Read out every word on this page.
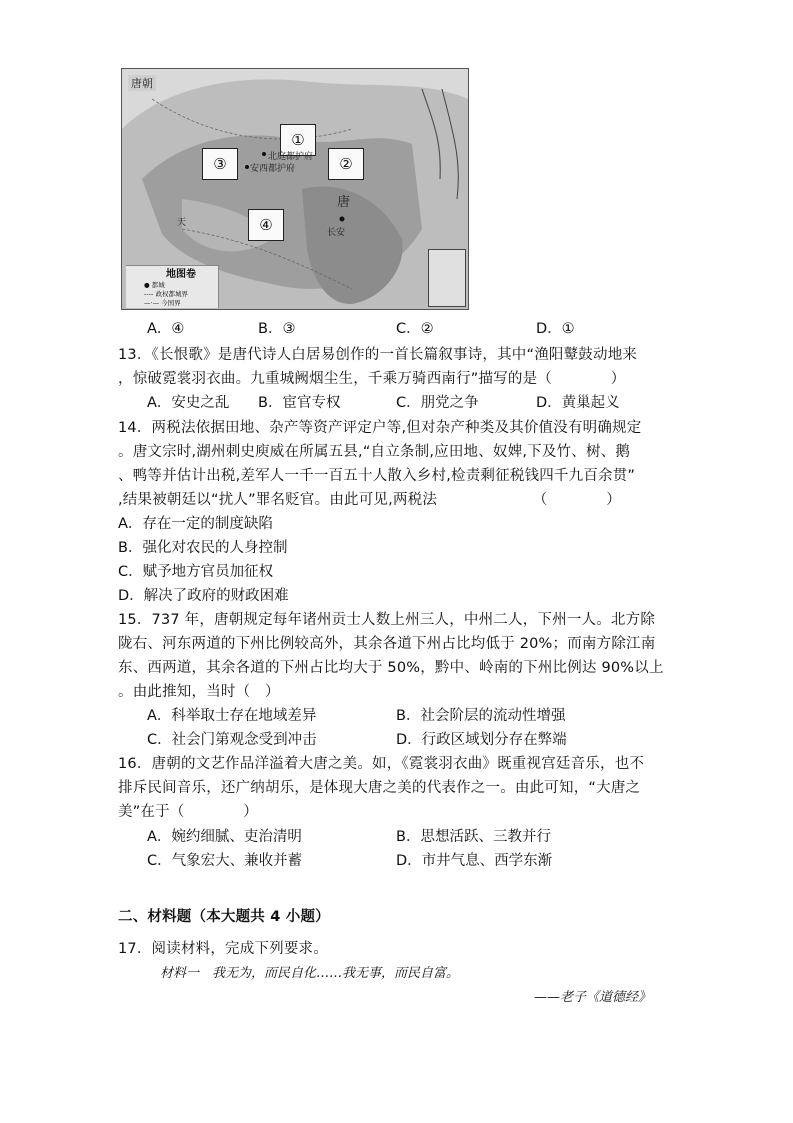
唐朝
①
②
③
④
唐
长安
北庭都护府
安西都护府
天
地图卷
● 都城
---- 政权都城界
—·— 今国界
A．④	B．③	C．②	D．①
13．《长恨歌》是唐代诗人白居易创作的一首长篇叙事诗，其中“渔阳鼙鼓动地来
，惊破霓裳羽衣曲。九重城阙烟尘生，千乘万骑西南行”描写的是（　　　　）
A．安史之乱 B．宦官专权	C．朋党之争	D．黄巢起义
14．两税法依据田地、杂产等资产评定户等,但对杂产种类及其价值没有明确规定
。唐文宗时,湖州刺史庾威在所属五县,“自立条制,应田地、奴婢,下及竹、树、鹅
、鸭等并估计出税,差军人一千一百五十人散入乡村,检责剩征税钱四千九百余贯”
,结果被朝廷以“扰人”罪名贬官。由此可见,两税法　　　　　　　（　　　　）
A．存在一定的制度缺陷
B．强化对农民的人身控制
C．赋予地方官员加征权
D．解决了政府的财政困难
15．737 年，唐朝规定每年诸州贡士人数上州三人，中州二人，下州一人。北方除
陇右、河东两道的下州比例较高外，其余各道下州占比均低于 20%；而南方除江南
东、西两道，其余各道的下州占比均大于 50%，黔中、岭南的下州比例达 90%以上
。由此推知，当时（　）
A．科举取士存在地域差异	B．社会阶层的流动性增强
C．社会门第观念受到冲击	D．行政区域划分存在弊端
16．唐朝的文艺作品洋溢着大唐之美。如，《霓裳羽衣曲》既重视宫廷音乐，也不
排斥民间音乐，还广纳胡乐，是体现大唐之美的代表作之一。由此可知，“大唐之
美”在于（　　　　）
A．婉约细腻、吏治清明	B．思想活跃、三教并行
C．气象宏大、兼收并蓄	D．市井气息、西学东渐
二、材料题（本大题共 4 小题）
17．阅读材料，完成下列要求。
材料一　我无为，而民自化……我无事，而民自富。
——老子《道德经》
